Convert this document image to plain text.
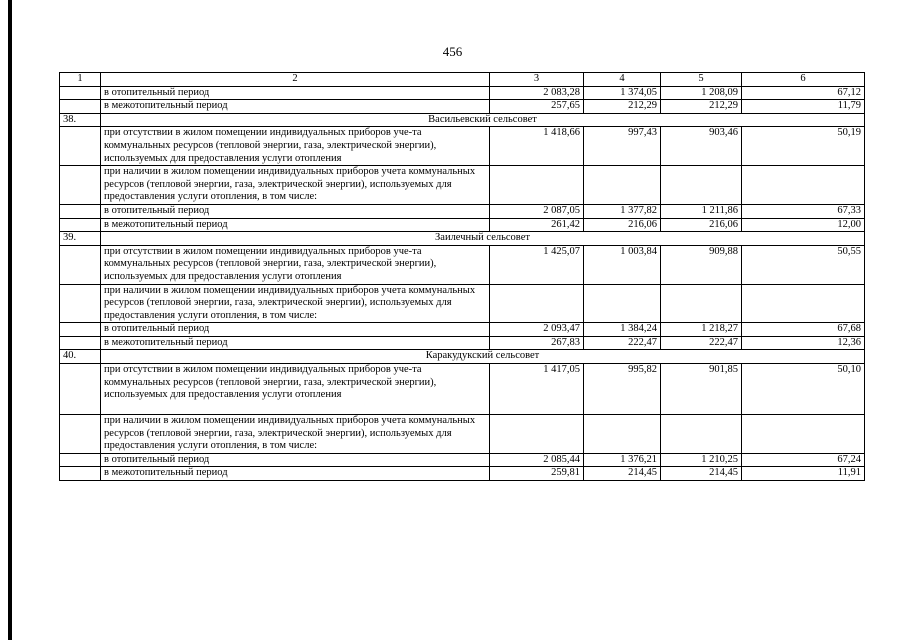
456
1	2	3	4	5	6
	в отопительный период	2 083,28	1 374,05	1 208,09	67,12
	в межотопительный период	257,65	212,29	212,29	11,79
38.	Васильевский сельсовет				
	при отсутствии в жилом помещении индивидуальных приборов уче-та коммунальных ресурсов (тепловой энергии, газа, электрической энергии), используемых для предоставления услуги отопления	1 418,66	997,43	903,46	50,19
	при наличии в жилом помещении индивидуальных приборов учета коммунальных ресурсов (тепловой энергии, газа, электрической энергии), используемых для предоставления услуги отопления, в том числе:				
	в отопительный период	2 087,05	1 377,82	1 211,86	67,33
	в межотопительный период	261,42	216,06	216,06	12,00
39.	Заилечный сельсовет				
	при отсутствии в жилом помещении индивидуальных приборов уче-та коммунальных ресурсов (тепловой энергии, газа, электрической энергии), используемых для предоставления услуги отопления	1 425,07	1 003,84	909,88	50,55
	при наличии в жилом помещении индивидуальных приборов учета коммунальных ресурсов (тепловой энергии, газа, электрической энергии), используемых для предоставления услуги отопления, в том числе:				
	в отопительный период	2 093,47	1 384,24	1 218,27	67,68
	в межотопительный период	267,83	222,47	222,47	12,36
40.	Каракудукский сельсовет				
	при отсутствии в жилом помещении индивидуальных приборов уче-та коммунальных ресурсов (тепловой энергии, газа, электрической энергии), используемых для предоставления услуги отопления	1 417,05	995,82	901,85	50,10
	при наличии в жилом помещении индивидуальных приборов учета коммунальных ресурсов (тепловой энергии, газа, электрической энергии), используемых для предоставления услуги отопления, в том числе:				
	в отопительный период	2 085,44	1 376,21	1 210,25	67,24
	в межотопительный период	259,81	214,45	214,45	11,91
